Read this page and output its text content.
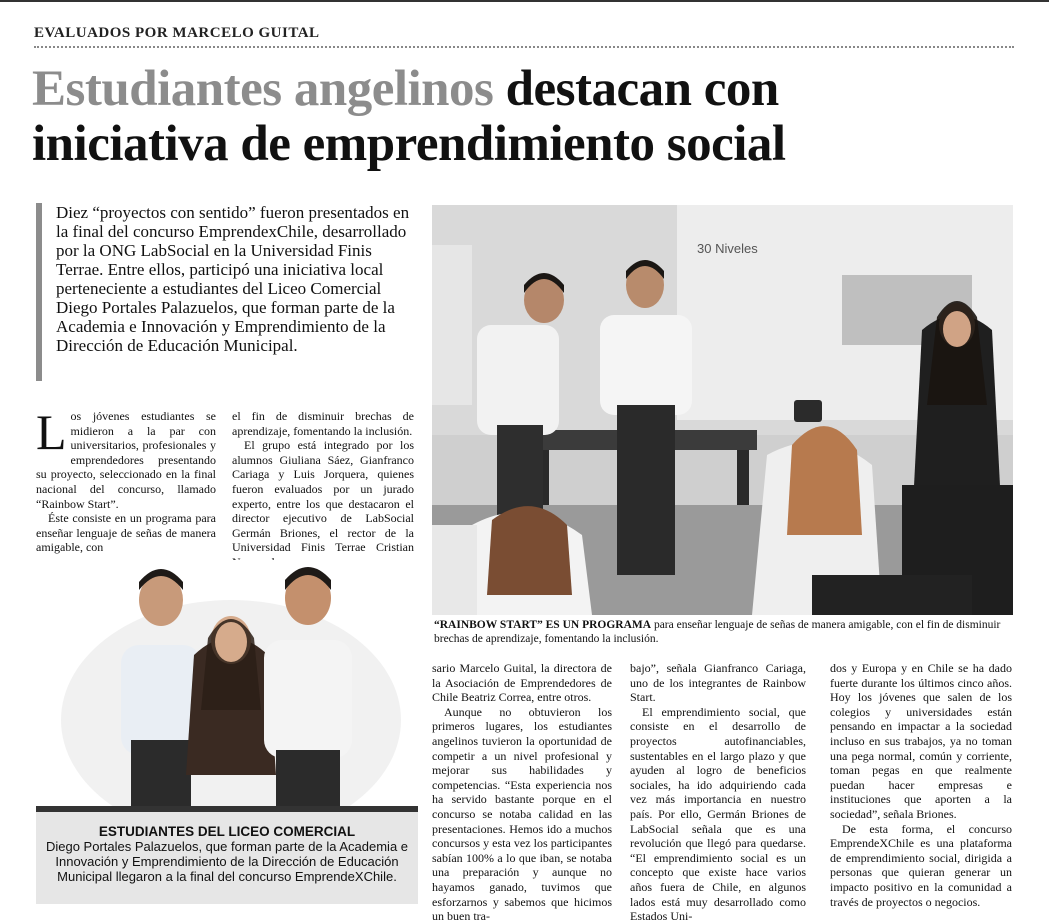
EVALUADOS POR MARCELO GUITAL
Estudiantes angelinos destacan con
iniciativa de emprendimiento social
Diez “proyectos con sentido” fueron presentados en la final del concurso EmprendexChile, desarrollado por la ONG LabSocial en la Universidad Finis Terrae. Entre ellos, participó una iniciativa local perteneciente a estudiantes del Liceo Comercial Diego Portales Palazuelos, que forman parte de la Academia e Innovación y Emprendimiento de la Dirección de Educación Municipal.

Los jóvenes estudiantes se midieron a la par con universitarios, profesionales y emprendedores presentando su proyecto, seleccionado en la final nacional del concurso, llamado “Rainbow Start”.

Éste consiste en un programa para enseñar lenguaje de señas de manera amigable, con

el fin de disminuir brechas de aprendizaje, fomentando la inclusión.

El grupo está integrado por los alumnos Giuliana Sáez, Gianfranco Cariaga y Luis Jorquera, quienes fueron evaluados por un jurado experto, entre los que destacaron el director ejecutivo de LabSocial Germán Briones, el rector de la Universidad Finis Terrae Cristian

ESTUDIANTES DEL LICEO COMERCIAL
Diego Portales Palazuelos, que forman parte de la Academia e Innovación y Emprendimiento de la Dirección de Educación Municipal llegaron a la final del concurso EmprendeXChile.
30 Niveles
“RAINBOW START” ES UN PROGRAMA para enseñar lenguaje de señas de manera amigable, con el fin de disminuir brechas de aprendizaje, fomentando la inclusión.

sario Marcelo Guital, la directora de la Asociación de Emprendedores de Chile Beatriz Correa, entre otros.

Aunque no obtuvieron los primeros lugares, los estudiantes angelinos tuvieron la oportunidad de competir a un nivel profesional y mejorar sus habilidades y competencias. “Esta experiencia nos ha servido bastante porque en el concurso se notaba calidad en las presentaciones. Hemos ido a muchos concursos y esta vez los participantes sabían 100% a lo que iban, se notaba una preparación y aunque no hayamos ganado, tuvimos que esforzarnos y sabemos que hicimos un buen tra-

bajo”, señala Gianfranco Cariaga, uno de los integrantes de Rainbow Start.

El emprendimiento social, que consiste en el desarrollo de proyectos autofinanciables, sustentables en el largo plazo y que ayuden al logro de beneficios sociales, ha ido adquiriendo cada vez más importancia en nuestro país. Por ello, Germán Briones de LabSocial señala que es una revolución que llegó para quedarse. “El emprendimiento social es un concepto que existe hace varios años fuera de Chile, en algunos lados está muy desarrollado como Estados Uni-

dos y Europa y en Chile se ha dado fuerte durante los últimos cinco años. Hoy los jóvenes que salen de los colegios y universidades están pensando en impactar a la sociedad incluso en sus trabajos, ya no toman una pega normal, común y corriente, toman pegas en que realmente puedan hacer empresas e instituciones que aporten a la sociedad”, señala Briones.

De esta forma, el concurso EmprendeXChile es una plataforma de emprendimiento social, dirigida a personas que quieran generar un impacto positivo en la comunidad a través de proyectos o negocios.
